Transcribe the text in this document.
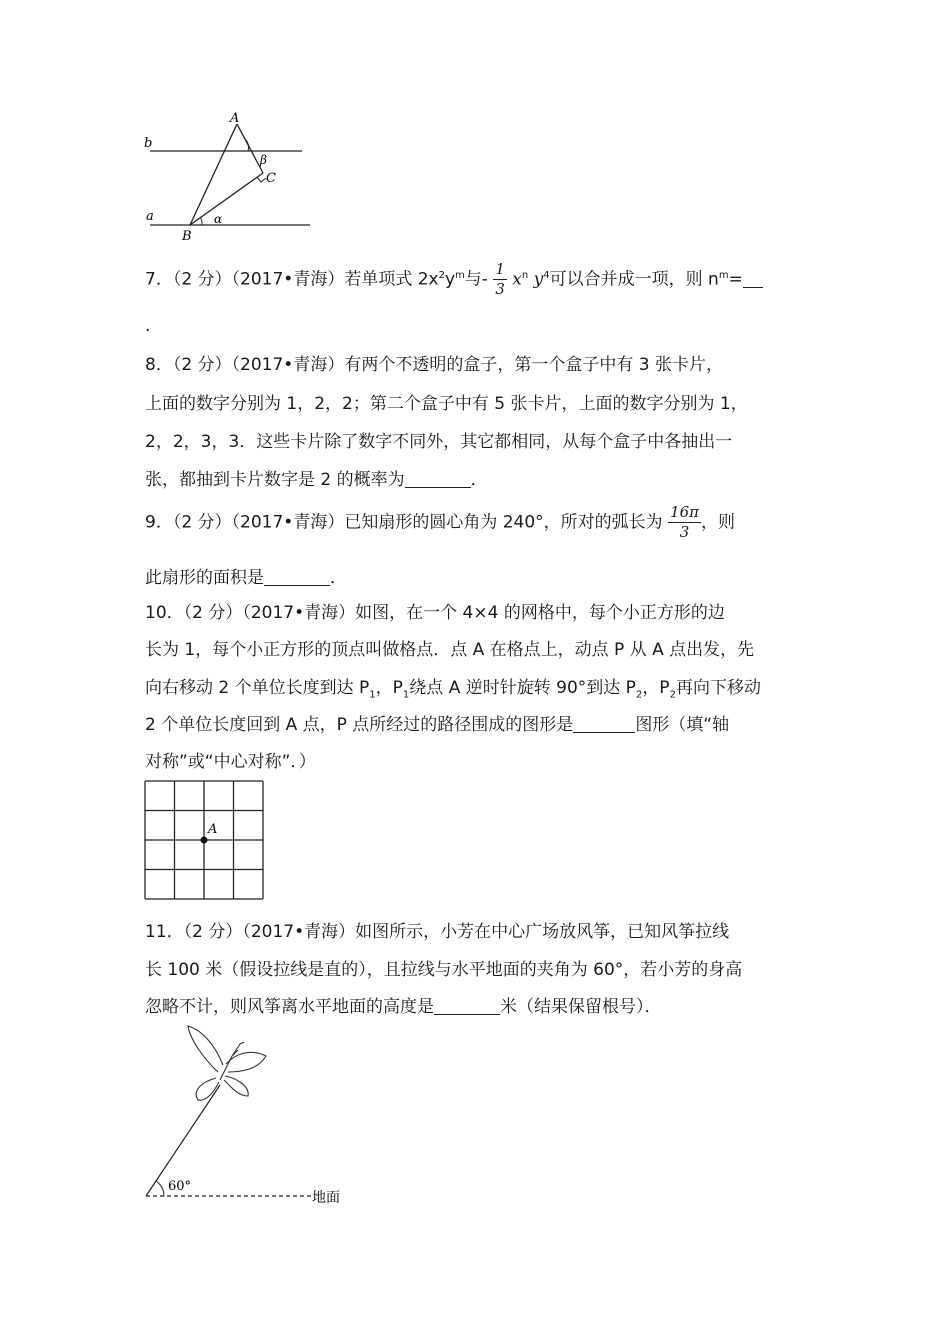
A
B
C
a
b
α
β
7．（2 分）（2017•青海）若单项式 $2x^2y^m$与- $\frac{1}{3} x^n$ $y^4$可以合并成一项，则 $n^m=$
.
8．（2 分）（2017•青海）有两个不透明的盒子，第一个盒子中有 3 张卡片，
上面的数字分别为 1，2，2；第二个盒子中有 5 张卡片，上面的数字分别为 1，
2，2，3，3．这些卡片除了数字不同外，其它都相同，从每个盒子中各抽出一
张，都抽到卡片数字是 2 的概率为	．
9．（2 分）（2017•青海）已知扇形的圆心角为 240°，所对的弧长为 $\frac{16\pi}{3}$ ，则
此扇形的面积是	．
10．（2 分）（2017•青海）如图，在一个 4×4 的网格中，每个小正方形的边
长为 1，每个小正方形的顶点叫做格点．点 A 在格点上，动点 P 从 A 点出发，先
向右移动 2 个单位长度到达 $P_1$，$P_1$绕点 A 逆时针旋转 90°到达 $P_2$，$P_2$再向下移动
2 个单位长度回到 A 点，P 点所经过的路径围成的图形是	图形（填“轴
对称”或“中心对称”．）
A
11．（2 分）（2017•青海）如图所示，小芳在中心广场放风筝，已知风筝拉线
长 100 米（假设拉线是直的），且拉线与水平地面的夹角为 60°，若小芳的身高
忽略不计，则风筝离水平地面的高度是	米（结果保留根号）．
60°
地面
